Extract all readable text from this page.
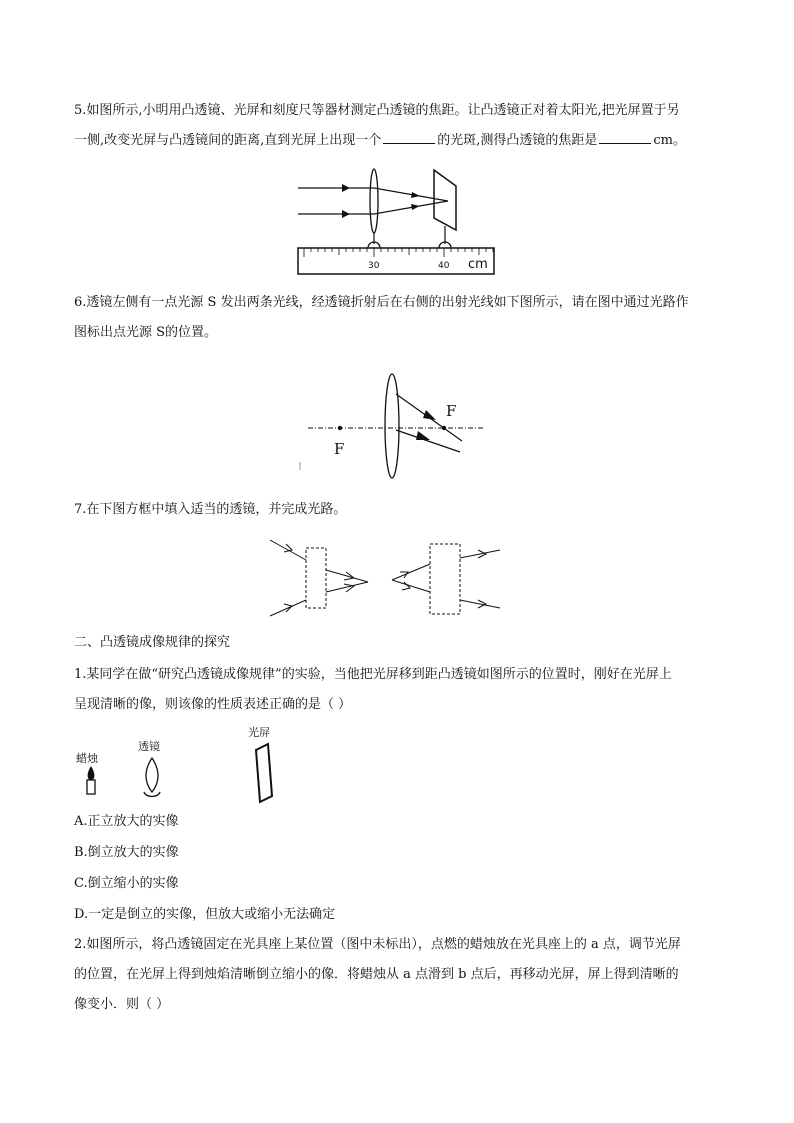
5.如图所示,小明用凸透镜、光屏和刻度尺等器材测定凸透镜的焦距。让凸透镜正对着太阳光,把光屏置于另
一侧,改变光屏与凸透镜间的距离,直到光屏上出现一个	的光斑,测得凸透镜的焦距是	cm。
30	40 cm
6.透镜左侧有一点光源 S 发出两条光线，经透镜折射后在右侧的出射光线如下图所示，请在图中通过光路作
图标出点光源 S的位置。
F
F
7.在下图方框中填入适当的透镜，并完成光路。
二、凸透镜成像规律的探究
1.某同学在做“研究凸透镜成像规律”的实验，当他把光屏移到距凸透镜如图所示的位置时，刚好在光屏上
呈现清晰的像，则该像的性质表述正确的是（ ）
蜡烛
透镜
光屏
A.正立放大的实像
B.倒立放大的实像
C.倒立缩小的实像
D.一定是倒立的实像，但放大或缩小无法确定
2.如图所示，将凸透镜固定在光具座上某位置（图中未标出），点燃的蜡烛放在光具座上的 a 点，调节光屏
的位置，在光屏上得到烛焰清晰倒立缩小的像．将蜡烛从 a 点滑到 b 点后，再移动光屏，屏上得到清晰的
像变小．则（ ）
